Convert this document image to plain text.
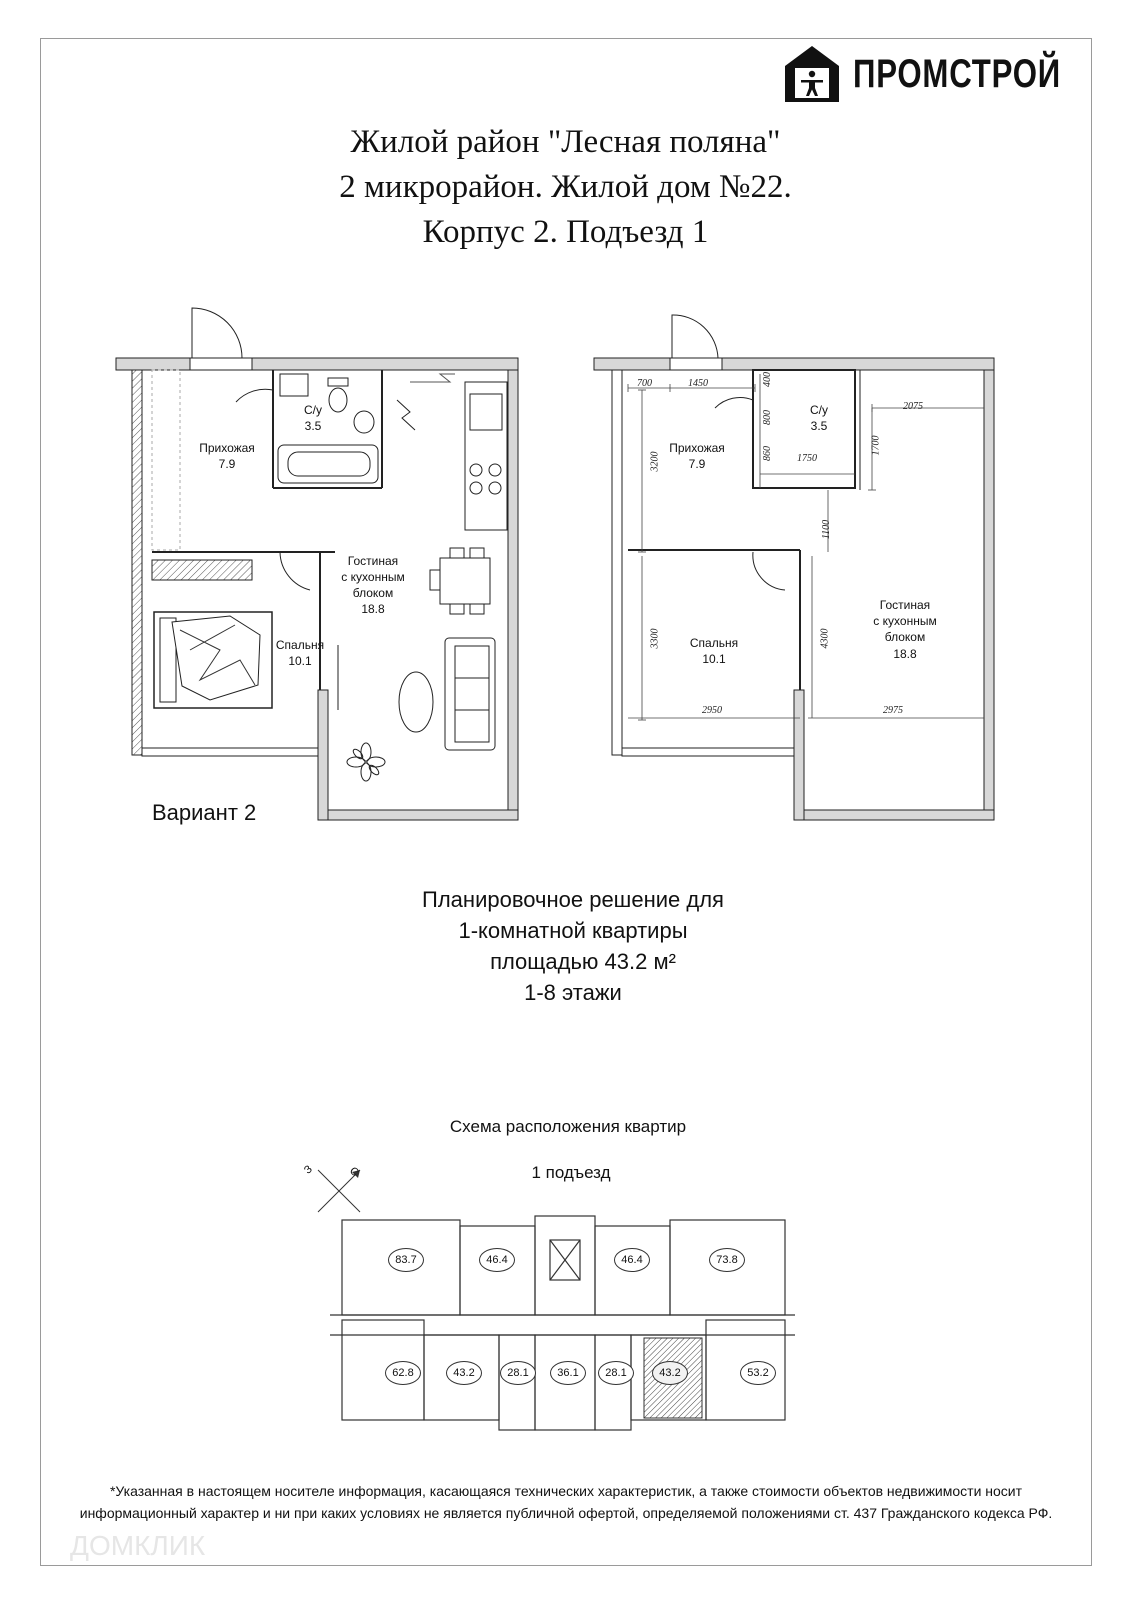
ПРОМСТРОЙ
Жилой район "Лесная поляна"
2 микрорайон. Жилой дом №22.
Корпус 2. Подъезд 1
С/у
3.5
Прихожая
7.9
Гостиная
с кухонным
блоком
18.8
Спальня
10.1
Вариант 2
С/у
3.5
Прихожая
7.9
Гостиная
с кухонным
блоком
18.8
Спальня
10.1
700	1450	400
800
860 1750
2075
1700
3200
1100
3300	4300
2950	2975
Планировочное решение для
1-комнатной квартиры
площадью 43.2 м²
1-8 этажи
Схема расположения квартир
1 подъезд
З	С
83.7	46.4	46.4	73.8
62.8	43.2	28.1	36.1	28.1	43.2	53.2
*Указанная в настоящем носителе информация, касающаяся технических характеристик, а также стоимости объектов недвижимости носит
информационный характер и ни при каких условиях не является публичной офертой, определяемой положениями ст. 437 Гражданского кодекса РФ.
ДОМКЛИК
